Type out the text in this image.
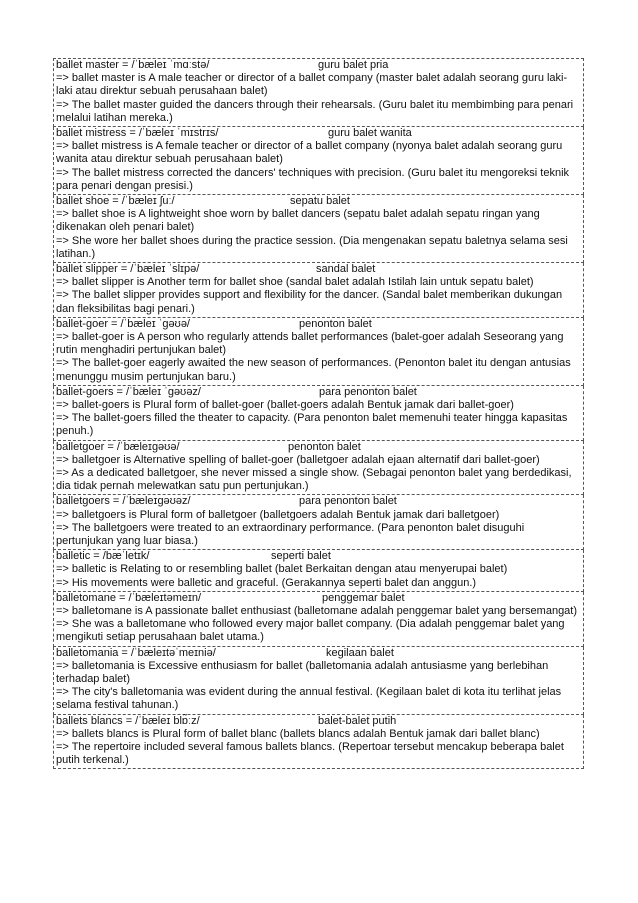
ballet master = /ˈbæleɪ ˈmɑːstə/	guru balet pria
=> ballet master is A male teacher or director of a ballet company (master balet adalah seorang guru laki-laki atau direktur sebuah perusahaan balet)
=> The ballet master guided the dancers through their rehearsals. (Guru balet itu membimbing para penari melalui latihan mereka.)
ballet mistress = /ˈbæleɪ ˈmɪstrɪs/	guru balet wanita
=> ballet mistress is A female teacher or director of a ballet company (nyonya balet adalah seorang guru wanita atau direktur sebuah perusahaan balet)
=> The ballet mistress corrected the dancers' techniques with precision. (Guru balet itu mengoreksi teknik para penari dengan presisi.)
ballet shoe = /ˈbæleɪ ʃuː/	sepatu balet
=> ballet shoe is A lightweight shoe worn by ballet dancers (sepatu balet adalah sepatu ringan yang dikenakan oleh penari balet)
=> She wore her ballet shoes during the practice session. (Dia mengenakan sepatu baletnya selama sesi latihan.)
ballet slipper = /ˈbæleɪ ˈslɪpə/	sandal balet
=> ballet slipper is Another term for ballet shoe (sandal balet adalah Istilah lain untuk sepatu balet)
=> The ballet slipper provides support and flexibility for the dancer. (Sandal balet memberikan dukungan dan fleksibilitas bagi penari.)
ballet-goer = /ˈbæleɪ ˈɡəʊə/	penonton balet
=> ballet-goer is A person who regularly attends ballet performances (balet-goer adalah Seseorang yang rutin menghadiri pertunjukan balet)
=> The ballet-goer eagerly awaited the new season of performances. (Penonton balet itu dengan antusias menunggu musim pertunjukan baru.)
ballet-goers = /ˈbæleɪ ˈɡəʊəz/	para penonton balet
=> ballet-goers is Plural form of ballet-goer (ballet-goers adalah Bentuk jamak dari ballet-goer)
=> The ballet-goers filled the theater to capacity. (Para penonton balet memenuhi teater hingga kapasitas penuh.)
balletgoer = /ˈbæleɪɡəʊə/	penonton balet
=> balletgoer is Alternative spelling of ballet-goer (balletgoer adalah ejaan alternatif dari ballet-goer)
=> As a dedicated balletgoer, she never missed a single show. (Sebagai penonton balet yang berdedikasi, dia tidak pernah melewatkan satu pun pertunjukan.)
balletgoers = /ˈbæleɪɡəʊəz/	para penonton balet
=> balletgoers is Plural form of balletgoer (balletgoers adalah Bentuk jamak dari balletgoer)
=> The balletgoers were treated to an extraordinary performance. (Para penonton balet disuguhi pertunjukan yang luar biasa.)
balletic = /bæˈletɪk/	seperti balet
=> balletic is Relating to or resembling ballet (balet Berkaitan dengan atau menyerupai balet)
=> His movements were balletic and graceful. (Gerakannya seperti balet dan anggun.)
balletomane = /ˈbæleɪtəmeɪn/	penggemar balet
=> balletomane is A passionate ballet enthusiast (balletomane adalah penggemar balet yang bersemangat)
=> She was a balletomane who followed every major ballet company. (Dia adalah penggemar balet yang mengikuti setiap perusahaan balet utama.)
balletomania = /ˈbæleɪtəˈmeɪniə/	kegilaan balet
=> balletomania is Excessive enthusiasm for ballet (balletomania adalah antusiasme yang berlebihan terhadap balet)
=> The city's balletomania was evident during the annual festival. (Kegilaan balet di kota itu terlihat jelas selama festival tahunan.)
ballets blancs = /ˈbæleɪ blɒ̃ːz/	balet-balet putih
=> ballets blancs is Plural form of ballet blanc (ballets blancs adalah Bentuk jamak dari ballet blanc)
=> The repertoire included several famous ballets blancs. (Repertoar tersebut mencakup beberapa balet putih terkenal.)
